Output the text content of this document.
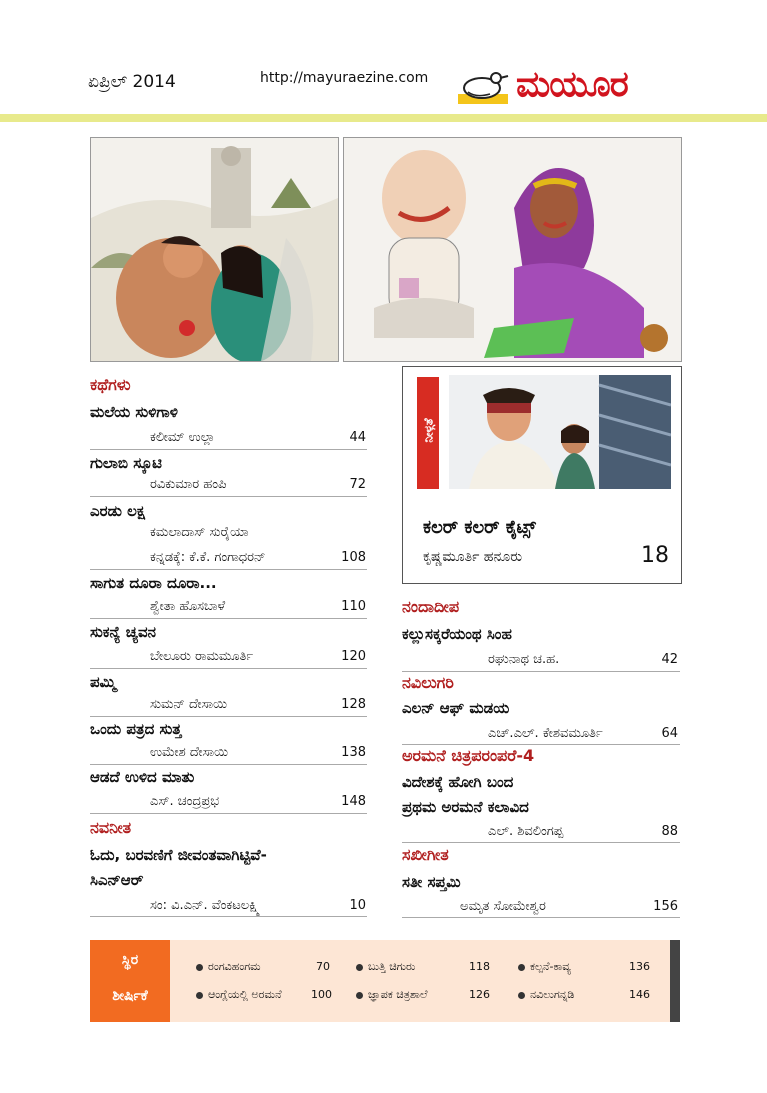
ಏಪ್ರಿಲ್ 2014	http://mayuraezine.com ಮಯೂರ
ಕಥೆಗಳು
ಮಲೆಯ ಸುಳಿಗಾಳಿ
ಕಲೀಮ್ ಉಲ್ಲಾ	44
ಗುಲಾಬಿ ಸ್ಕೂಟಿ
ರವಿಕುಮಾರ ಹಂಪಿ	72
ಎರಡು ಲಕ್ಷ
ಕಮಲಾದಾಸ್ ಸುರೈಯಾ
ಕನ್ನಡಕ್ಕೆ: ಕೆ.ಕೆ. ಗಂಗಾಧರನ್	108
ಸಾಗುತ ದೂರಾ ದೂರಾ...
ಶ್ವೇತಾ ಹೊಸಬಾಳೆ	110
ಸುಕನ್ಯೆ ಚ್ಯವನ
ಬೇಲೂರು ರಾಮಮೂರ್ತಿ	120
ಪಮ್ಮಿ
ಸುಮನ್ ದೇಸಾಯಿ	128
ಒಂದು ಪತ್ರದ ಸುತ್ತ
ಉಮೇಶ ದೇಸಾಯಿ	138
ಆಡದೆ ಉಳಿದ ಮಾತು
ಎಸ್. ಚಂದ್ರಪ್ರಭ	148
ನವನೀತ
ಓದು, ಬರವಣಿಗೆ ಜೀವಂತವಾಗಿಟ್ಟಿವೆ-
ಸಿಎನ್‌ಆರ್
ಸಂ: ವಿ.ಎನ್. ವೆಂಕಟಲಕ್ಷ್ಮಿ	10
ನೀಳ್ಗತೆ
ಕಲರ್ ಕಲರ್ ಕೈಟ್ಸ್
ಕೃಷ್ಣಮೂರ್ತಿ ಹನೂರು	18
ನಂದಾದೀಪ
ಕಲ್ಲುಸಕ್ಕರೆಯಂಥ ಸಿಂಹ
ರಘುನಾಥ ಚ.ಹ.	42
ನವಿಲುಗರಿ
ಎಲನ್ ಆಫ್ ಮಡಯ
ಎಚ್.ಎಲ್. ಕೇಶವಮೂರ್ತಿ	64
ಅರಮನೆ ಚಿತ್ರಪರಂಪರೆ-4
ವಿದೇಶಕ್ಕೆ ಹೋಗಿ ಬಂದ
ಪ್ರಥಮ ಅರಮನೆ ಕಲಾವಿದ
ಎಲ್. ಶಿವಲಿಂಗಪ್ಪ	88
ಸಖೀಗೀತ
ಸತೀ ಸಪ್ತಮಿ
ಅಮೃತ ಸೋಮೇಶ್ವರ	156
ಸ್ಥಿರ
ಶೀರ್ಷಿಕೆ
ರಂಗವಿಹಂಗಮ	70	ಬುತ್ತಿ ಚಿಗುರು	118	ಕಲ್ಪನೆ-ಕಾವ್ಯ	136
ಆಂಗ್ಲೆಯಲ್ಲಿ ಅರಮನೆ	100	ಜ್ಞಾಪಕ ಚಿತ್ರಶಾಲೆ	126	ನವಿಲುಗನ್ನಡಿ	146
